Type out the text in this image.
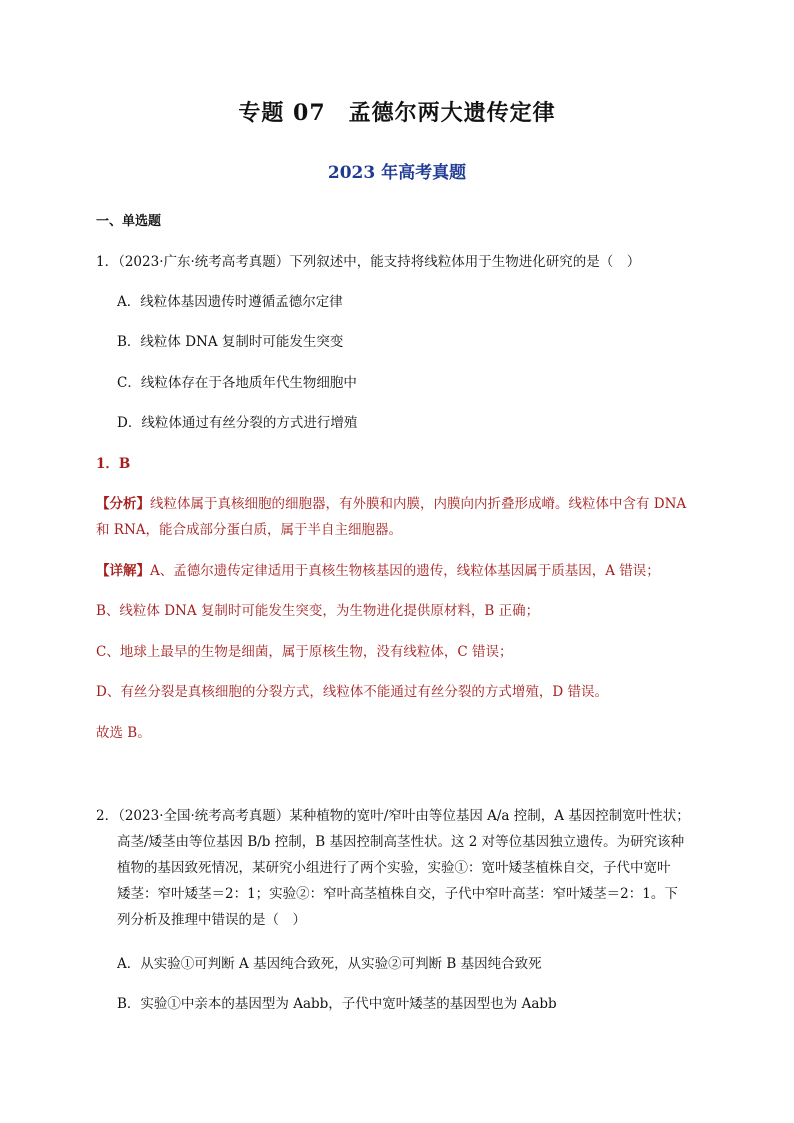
专题 07　孟德尔两大遗传定律
2023 年高考真题
一、单选题
1．（2023·广东·统考高考真题）下列叙述中，能支持将线粒体用于生物进化研究的是（　）
A．线粒体基因遗传时遵循孟德尔定律
B．线粒体 DNA 复制时可能发生突变
C．线粒体存在于各地质年代生物细胞中
D．线粒体通过有丝分裂的方式进行增殖
1．B
【分析】线粒体属于真核细胞的细胞器，有外膜和内膜，内膜向内折叠形成嵴。线粒体中含有 DNA
和 RNA，能合成部分蛋白质，属于半自主细胞器。
【详解】A、孟德尔遗传定律适用于真核生物核基因的遗传，线粒体基因属于质基因，A 错误；
B、线粒体 DNA 复制时可能发生突变，为生物进化提供原材料，B 正确；
C、地球上最早的生物是细菌，属于原核生物，没有线粒体，C 错误；
D、有丝分裂是真核细胞的分裂方式，线粒体不能通过有丝分裂的方式增殖，D 错误。
故选 B。
2．（2023·全国·统考高考真题）某种植物的宽叶/窄叶由等位基因 A/a 控制，A 基因控制宽叶性状；
高茎/矮茎由等位基因 B/b 控制，B 基因控制高茎性状。这 2 对等位基因独立遗传。为研究该种
植物的基因致死情况，某研究小组进行了两个实验，实验①：宽叶矮茎植株自交，子代中宽叶
矮茎：窄叶矮茎＝2：1；实验②：窄叶高茎植株自交，子代中窄叶高茎：窄叶矮茎＝2：1。下
列分析及推理中错误的是（　）
A．从实验①可判断 A 基因纯合致死，从实验②可判断 B 基因纯合致死
B．实验①中亲本的基因型为 Aabb，子代中宽叶矮茎的基因型也为 Aabb
